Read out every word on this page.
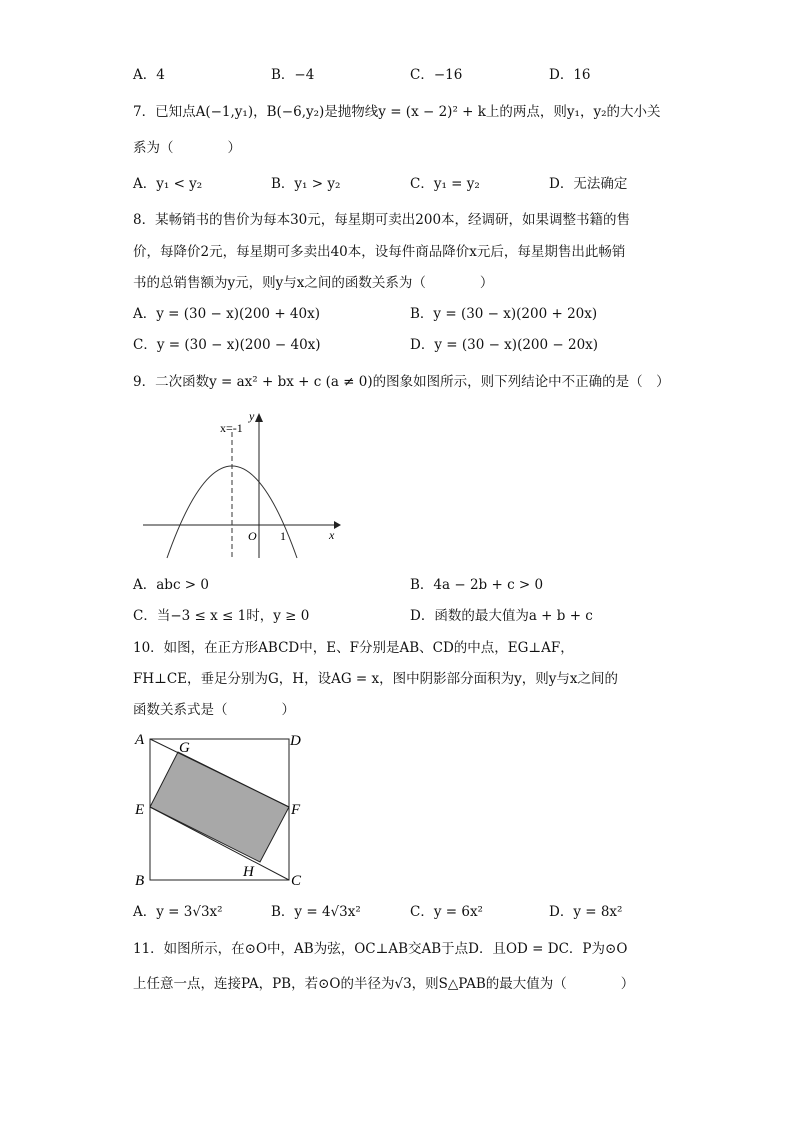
A．4	B．−4	C．−16	D．16
7．已知点A(−1,y₁)，B(−6,y₂)是抛物线y = (x − 2)² + k上的两点，则y₁，y₂的大小关
系为（　　　　）
A．y₁ < y₂	B．y₁ > y₂	C．y₁ = y₂	D．无法确定
8．某畅销书的售价为每本30元，每星期可卖出200本，经调研，如果调整书籍的售
价，每降价2元，每星期可多卖出40本，设每件商品降价x元后，每星期售出此畅销
书的总销售额为y元，则y与x之间的函数关系为（　　　　）
A．y = (30 − x)(200 + 40x)	B．y = (30 − x)(200 + 20x)
C．y = (30 − x)(200 − 40x)	D．y = (30 − x)(200 − 20x)
9．二次函数y = ax² + bx + c (a ≠ 0)的图象如图所示，则下列结论中不正确的是（　）
x=-1
y
x
O 1
A．abc > 0	B．4a − 2b + c > 0
C．当−3 ≤ x ≤ 1时，y ≥ 0	D．函数的最大值为a + b + c
10．如图，在正方形ABCD中，E、F分别是AB、CD的中点，EG⊥AF，
FH⊥CE，垂足分别为G，H，设AG = x，图中阴影部分面积为y，则y与x之间的
函数关系式是（　　　　）
A G	D
E	F
H
B	C
A．y = 3√3x²	B．y = 4√3x²	C．y = 6x²	D．y = 8x²
11．如图所示，在⊙O中，AB为弦，OC⊥AB交AB于点D．且OD = DC．P为⊙O
上任意一点，连接PA，PB，若⊙O的半径为√3，则S△PAB的最大值为（　　　　）
